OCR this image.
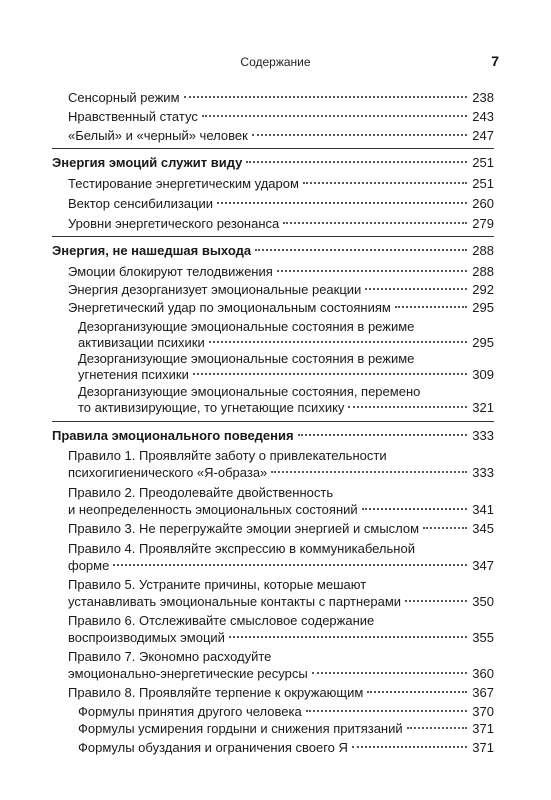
Содержание	7
Сенсорный режим	238
Нравственный статус	243
«Белый» и «черный» человек	247
Энергия эмоций служит виду	251
Тестирование энергетическим ударом	251
Вектор сенсибилизации	260
Уровни энергетического резонанса	279
Энергия, не нашедшая выхода	288
Эмоции блокируют телодвижения	288
Энергия дезорганизует эмоциональные реакции	292
Энергетический удар по эмоциональным состояниям	295
Дезорганизующие эмоциональные состояния в режиме
активизации психики	295
Дезорганизующие эмоциональные состояния в режиме
угнетения психики	309
Дезорганизующие эмоциональные состояния, перемено
то активизирующие, то угнетающие психику	321
Правила эмоционального поведения	333
Правило 1. Проявляйте заботу о привлекательности
психогигиенического «Я-образа»	333
Правило 2. Преодолевайте двойственность
и неопределенность эмоциональных состояний	341
Правило 3. Не перегружайте эмоции энергией и смыслом	345
Правило 4. Проявляйте экспрессию в коммуникабельной
форме	347
Правило 5. Устраните причины, которые мешают
устанавливать эмоциональные контакты с партнерами	350
Правило 6. Отслеживайте смысловое содержание
воспроизводимых эмоций	355
Правило 7. Экономно расходуйте
эмоционально-энергетические ресурсы	360
Правило 8. Проявляйте терпение к окружающим	367
Формулы принятия другого человека	370
Формулы усмирения гордыни и снижения притязаний	371
Формулы обуздания и ограничения своего Я	371
